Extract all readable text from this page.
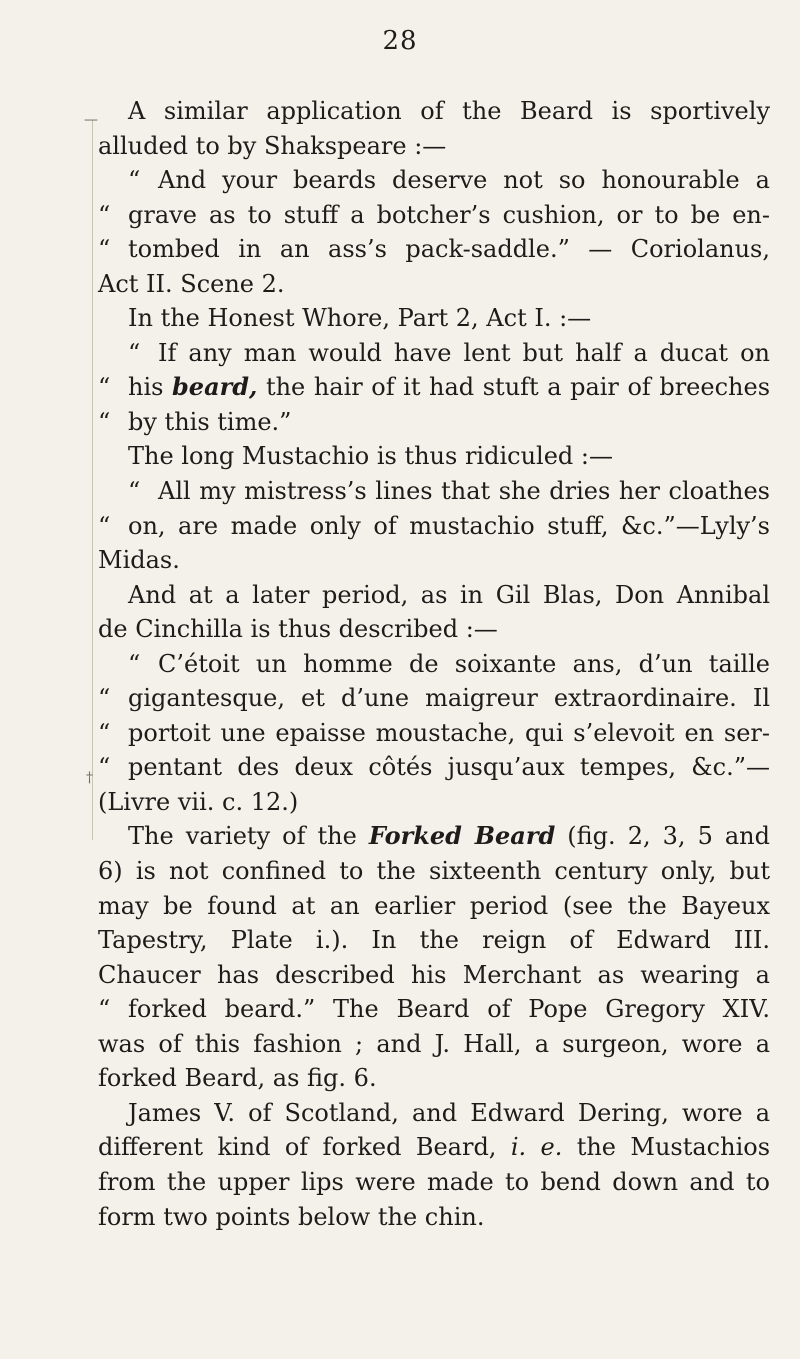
28
—
†
A similar application of the Beard is sportively
alluded to by Shakspeare :—
“ And your beards deserve not so honourable a
“ grave as to stuff a botcher’s cushion, or to be en-
“ tombed in an ass’s pack-saddle.” — Coriolanus,
Act II. Scene 2.
In the Honest Whore, Part 2, Act I. :—
“ If any man would have lent but half a ducat on
“ his beard, the hair of it had stuft a pair of breeches
“ by this time.”
The long Mustachio is thus ridiculed :—
“ All my mistress’s lines that she dries her cloathes
“ on, are made only of mustachio stuff, &c.”—Lyly’s
Midas.
And at a later period, as in Gil Blas, Don Annibal
de Cinchilla is thus described :—
“ C’étoit un homme de soixante ans, d’un taille
“ gigantesque, et d’une maigreur extraordinaire. Il
“ portoit une epaisse moustache, qui s’elevoit en ser-
“ pentant des deux côtés jusqu’aux tempes, &c.”—
(Livre vii. c. 12.)
The variety of the Forked Beard (fig. 2, 3, 5 and
6) is not confined to the sixteenth century only, but
may be found at an earlier period (see the Bayeux
Tapestry, Plate i.). In the reign of Edward III.
Chaucer has described his Merchant as wearing a
“ forked beard.” The Beard of Pope Gregory XIV.
was of this fashion ; and J. Hall, a surgeon, wore a
forked Beard, as fig. 6.
James V. of Scotland, and Edward Dering, wore a
different kind of forked Beard, i. e. the Mustachios
from the upper lips were made to bend down and to
form two points below the chin.
